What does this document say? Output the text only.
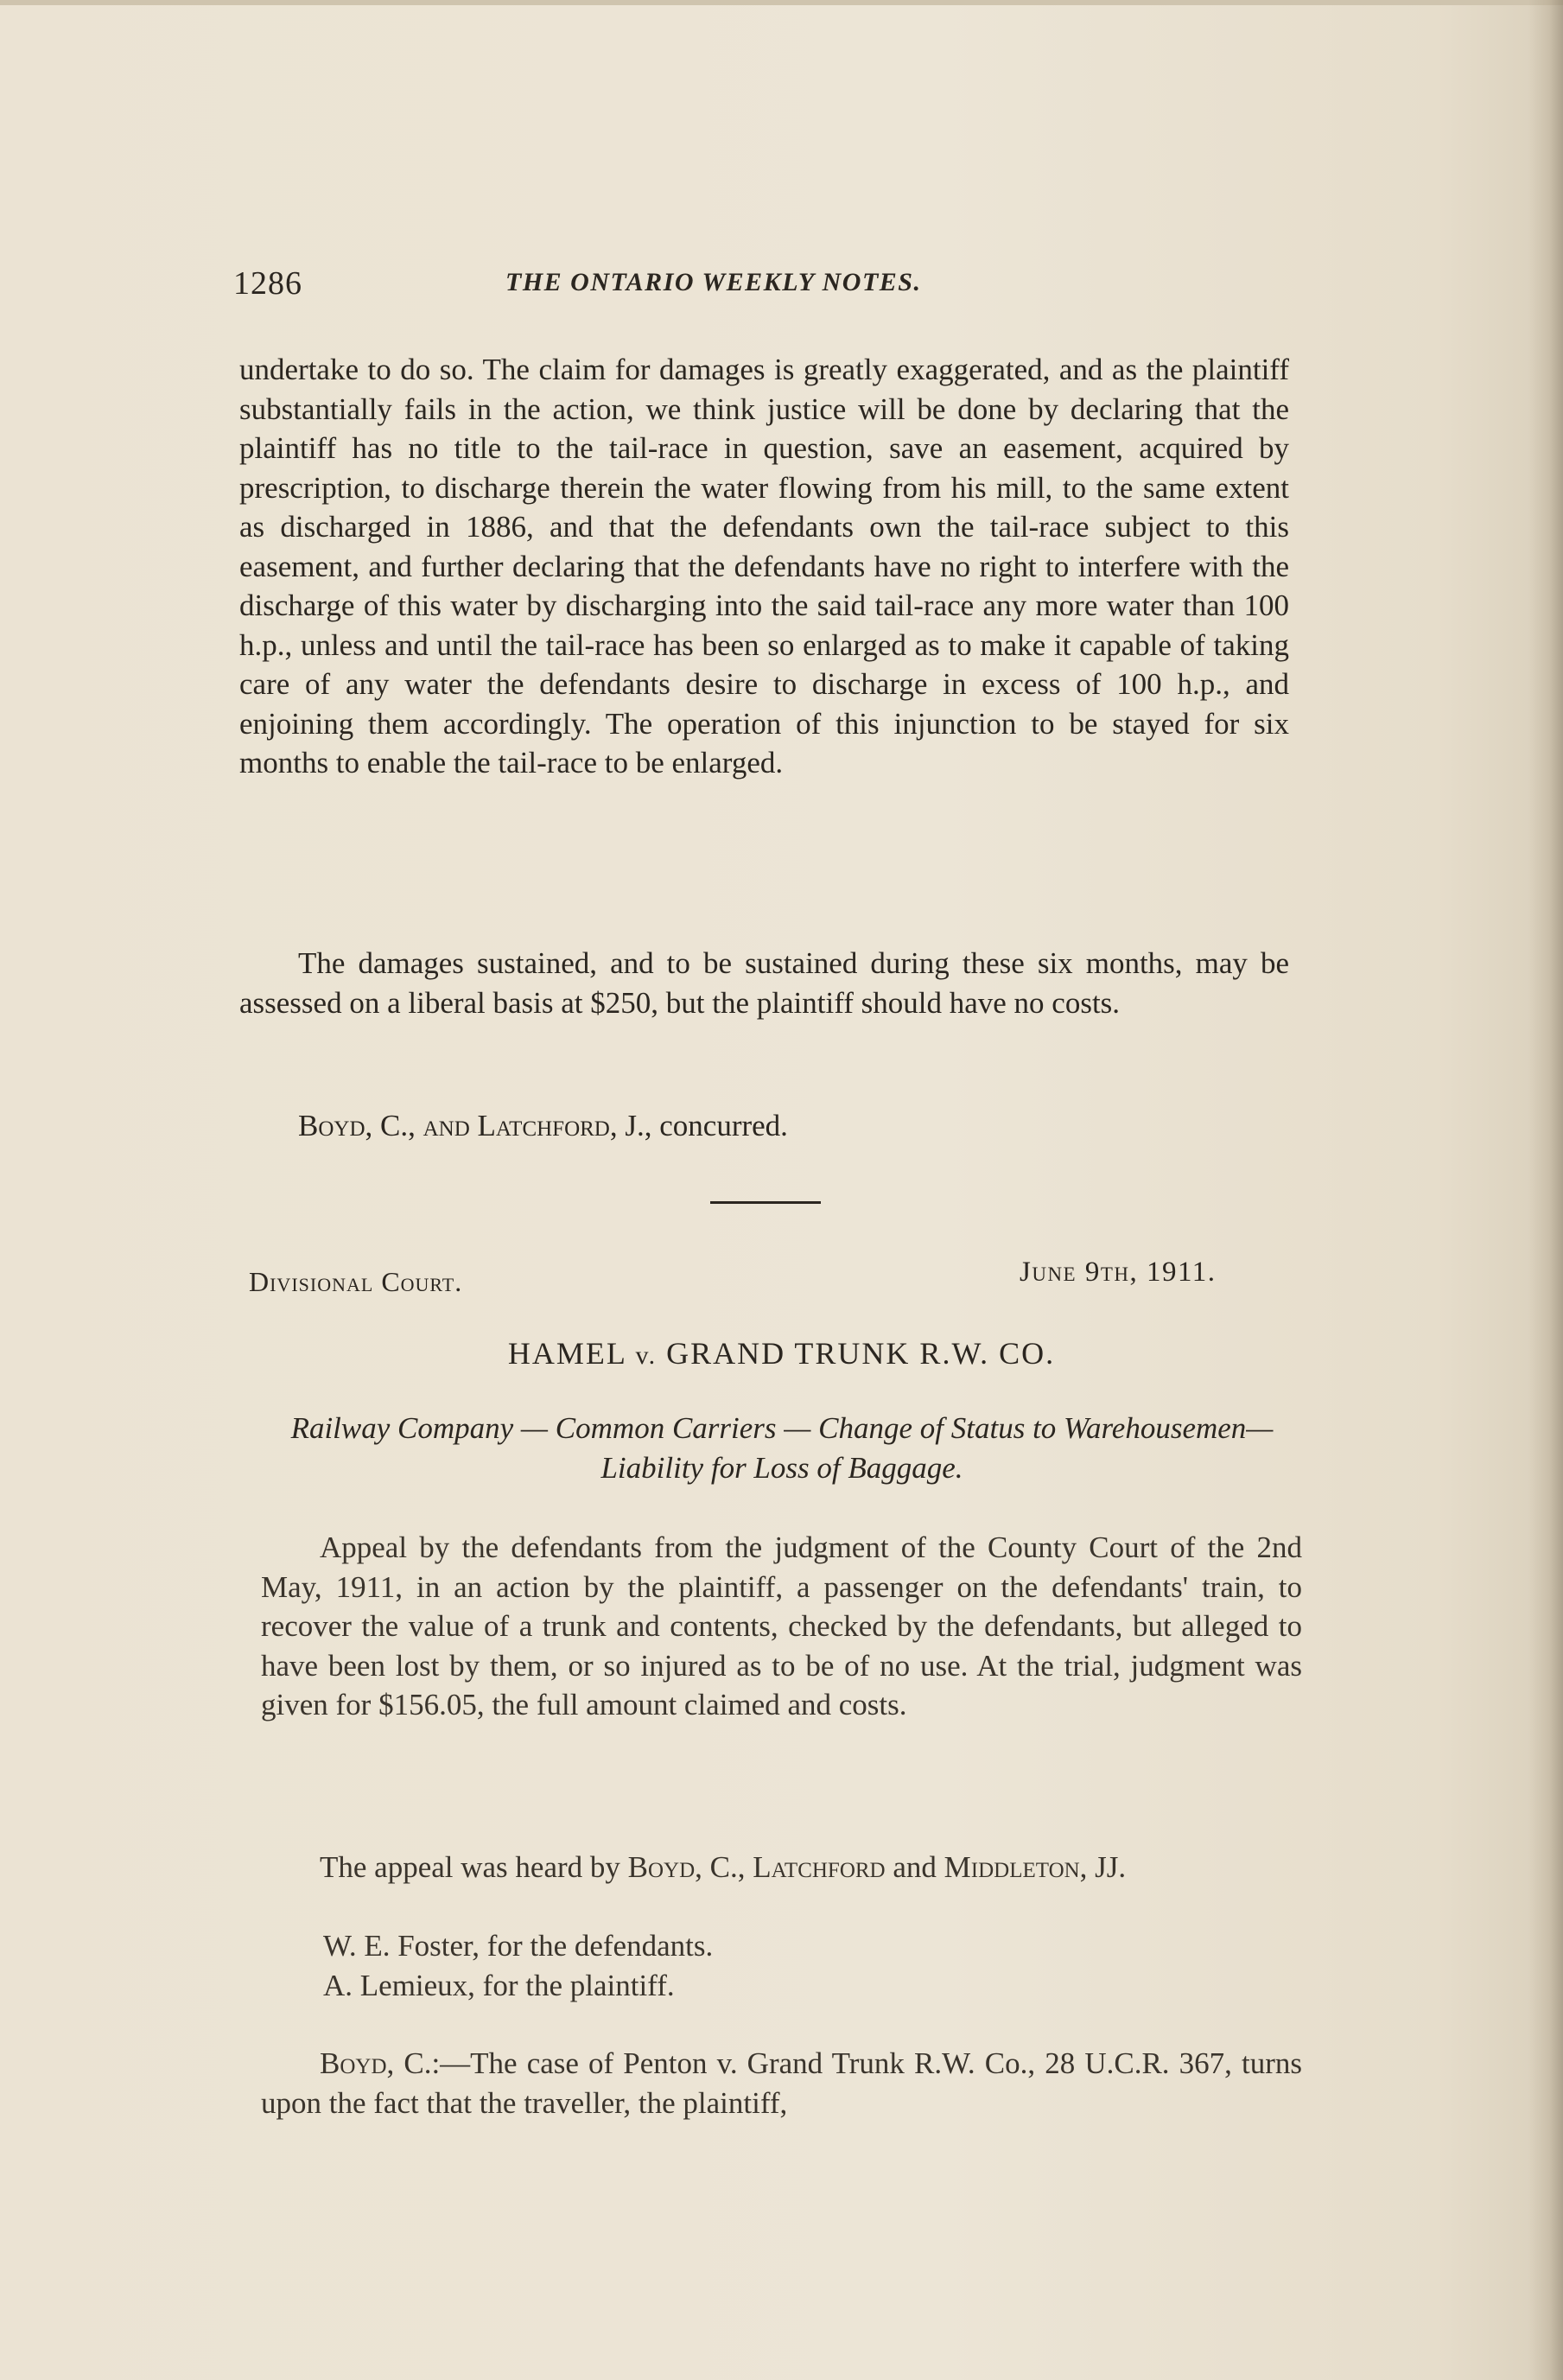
1286	THE ONTARIO WEEKLY NOTES.
undertake to do so. The claim for damages is greatly exaggerated, and as the plaintiff substantially fails in the action, we think justice will be done by declaring that the plaintiff has no title to the tail-race in question, save an easement, acquired by prescription, to discharge therein the water flowing from his mill, to the same extent as discharged in 1886, and that the defendants own the tail-race subject to this easement, and further declaring that the defendants have no right to interfere with the discharge of this water by discharging into the said tail-race any more water than 100 h.p., unless and until the tail-race has been so enlarged as to make it capable of taking care of any water the defendants desire to discharge in excess of 100 h.p., and enjoining them accordingly. The operation of this injunction to be stayed for six months to enable the tail-race to be enlarged.
The damages sustained, and to be sustained during these six months, may be assessed on a liberal basis at $250, but the plaintiff should have no costs.
Boyd, C., and Latchford, J., concurred.
Divisional Court.	June 9th, 1911.
HAMEL v. GRAND TRUNK R.W. CO.
Railway Company — Common Carriers — Change of Status to Warehousemen—Liability for Loss of Baggage.
Appeal by the defendants from the judgment of the County Court of the 2nd May, 1911, in an action by the plaintiff, a passenger on the defendants' train, to recover the value of a trunk and contents, checked by the defendants, but alleged to have been lost by them, or so injured as to be of no use. At the trial, judgment was given for $156.05, the full amount claimed and costs.
The appeal was heard by Boyd, C., Latchford and Middleton, JJ.
W. E. Foster, for the defendants.
A. Lemieux, for the plaintiff.
Boyd, C.:—The case of Penton v. Grand Trunk R.W. Co., 28 U.C.R. 367, turns upon the fact that the traveller, the plaintiff,
